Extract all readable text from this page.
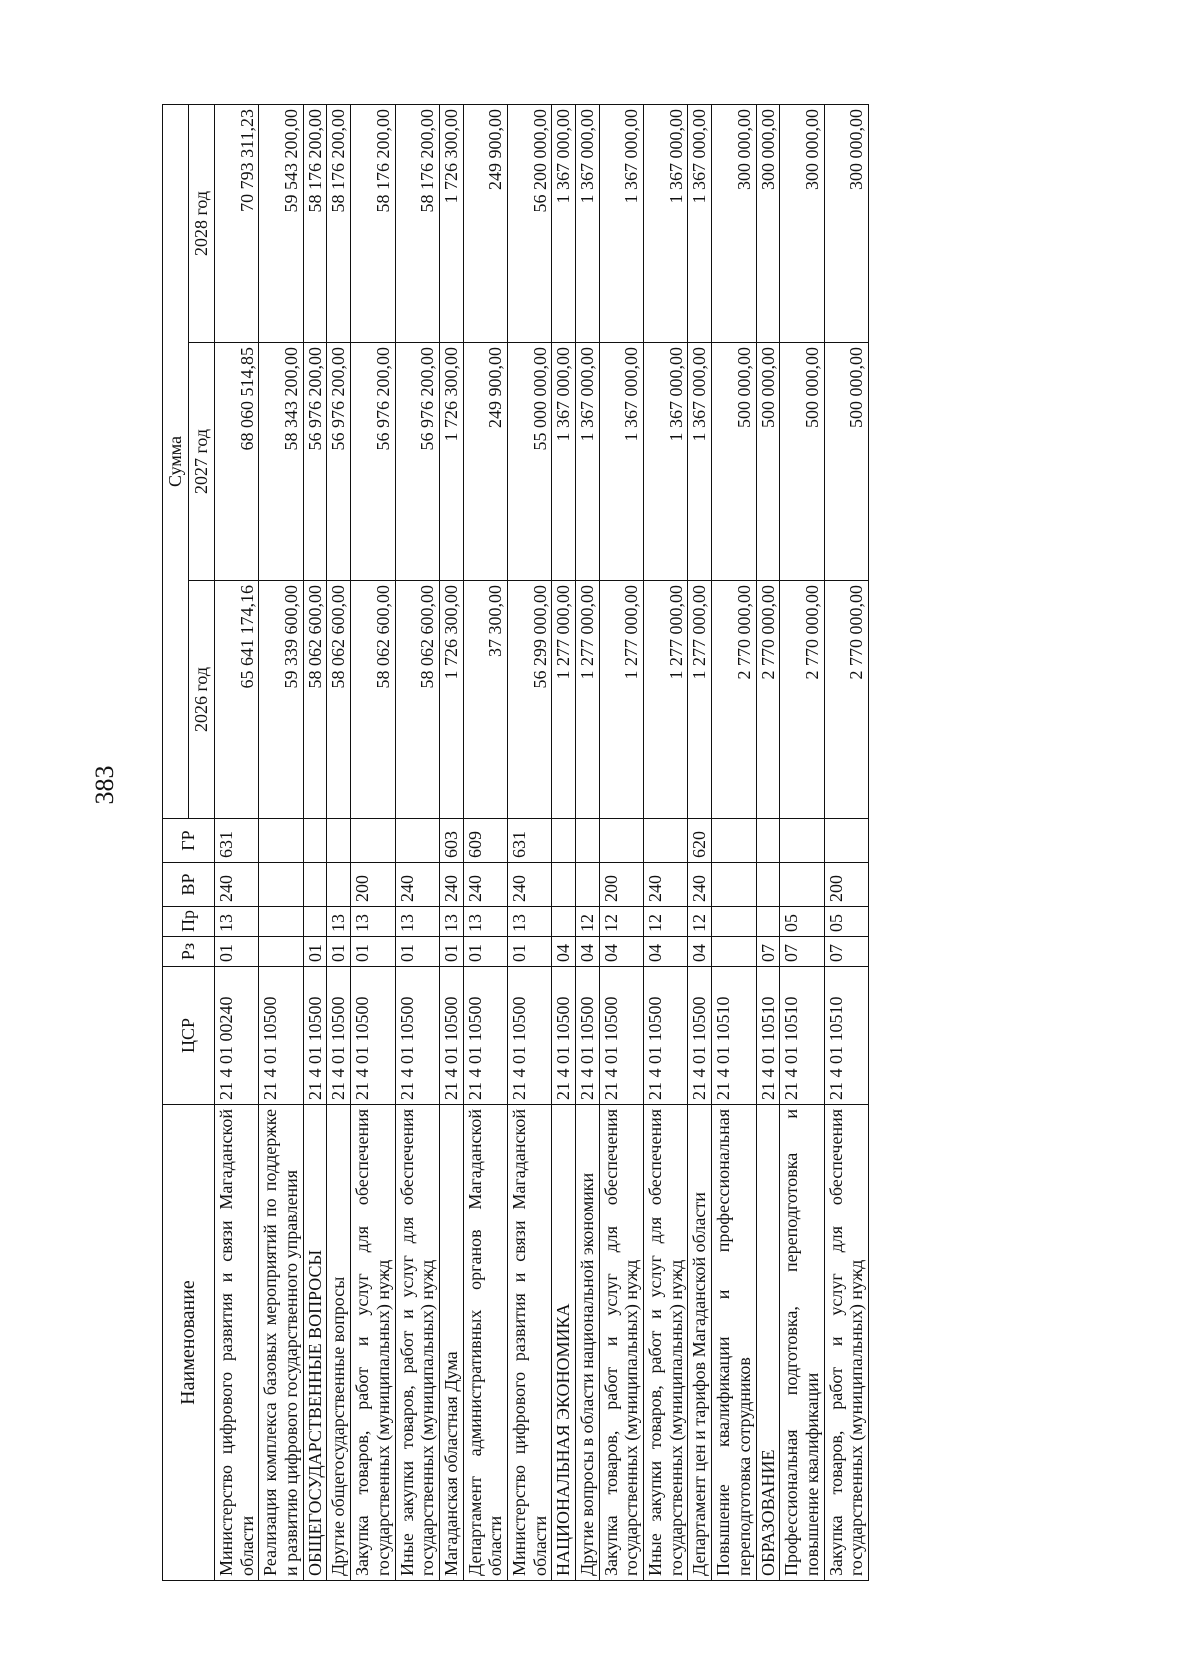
383
Наименование	ЦСР	Рз	Пр	ВР	ГР	Сумма		
						2026 год	2027 год	2028 год
Министерство цифрового развития и связи Магаданской области	21 4 01 00240	01	13	240	631	65 641 174,16	68 060 514,85	70 793 311,23
Реализация комплекса базовых мероприятий по поддержке и развитию цифрового государственного управления	21 4 01 10500					59 339 600,00	58 343 200,00	59 543 200,00
ОБЩЕГОСУДАРСТВЕННЫЕ ВОПРОСЫ	21 4 01 10500	01				58 062 600,00	56 976 200,00	58 176 200,00
Другие общегосударственные вопросы	21 4 01 10500	01	13			58 062 600,00	56 976 200,00	58 176 200,00
Закупка товаров, работ и услуг для обеспечения государственных (муниципальных) нужд	21 4 01 10500	01	13	200		58 062 600,00	56 976 200,00	58 176 200,00
Иные закупки товаров, работ и услуг для обеспечения государственных (муниципальных) нужд	21 4 01 10500	01	13	240		58 062 600,00	56 976 200,00	58 176 200,00
Магаданская областная Дума	21 4 01 10500	01	13	240	603	1 726 300,00	1 726 300,00	1 726 300,00
Департамент административных органов Магаданской области	21 4 01 10500	01	13	240	609	37 300,00	249 900,00	249 900,00
Министерство цифрового развития и связи Магаданской области	21 4 01 10500	01	13	240	631	56 299 000,00	55 000 000,00	56 200 000,00
НАЦИОНАЛЬНАЯ ЭКОНОМИКА	21 4 01 10500	04				1 277 000,00	1 367 000,00	1 367 000,00
Другие вопросы в области национальной экономики	21 4 01 10500	04	12			1 277 000,00	1 367 000,00	1 367 000,00
Закупка товаров, работ и услуг для обеспечения государственных (муниципальных) нужд	21 4 01 10500	04	12	200		1 277 000,00	1 367 000,00	1 367 000,00
Иные закупки товаров, работ и услуг для обеспечения государственных (муниципальных) нужд	21 4 01 10500	04	12	240		1 277 000,00	1 367 000,00	1 367 000,00
Департамент цен и тарифов Магаданской области	21 4 01 10500	04	12	240	620	1 277 000,00	1 367 000,00	1 367 000,00
Повышение квалификации и профессиональная переподготовка сотрудников	21 4 01 10510					2 770 000,00	500 000,00	300 000,00
ОБРАЗОВАНИЕ	21 4 01 10510	07				2 770 000,00	500 000,00	300 000,00
Профессиональная подготовка, переподготовка и повышение квалификации	21 4 01 10510	07	05			2 770 000,00	500 000,00	300 000,00
Закупка товаров, работ и услуг для обеспечения государственных (муниципальных) нужд	21 4 01 10510	07	05	200		2 770 000,00	500 000,00	300 000,00
